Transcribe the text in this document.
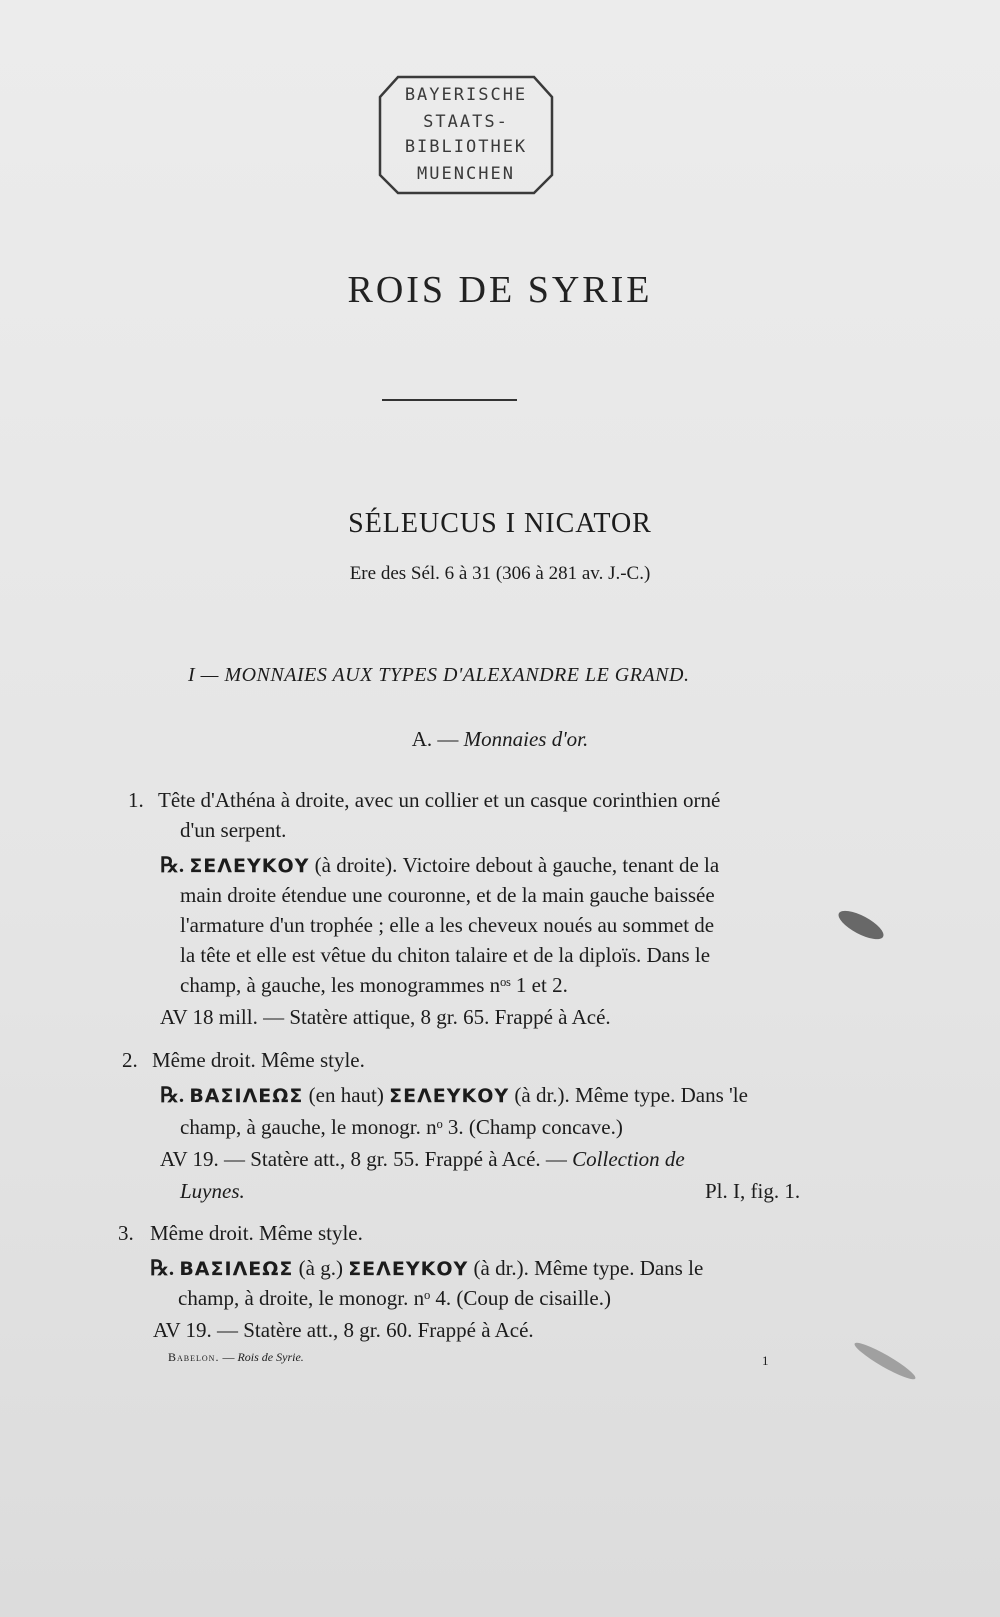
BAYERISCHE
STAATS-
BIBLIOTHEK
MUENCHEN
ROIS DE SYRIE
SÉLEUCUS I NICATOR
Ere des Sél. 6 à 31 (306 à 281 av. J.-C.)
I — MONNAIES AUX TYPES D'ALEXANDRE LE GRAND.
A. — Monnaies d'or.
1. Tête d'Athéna à droite, avec un collier et un casque corinthien orné
d'un serpent.
℞. ΣΕΛΕΥΚΟΥ (à droite). Victoire debout à gauche, tenant de la
main droite étendue une couronne, et de la main gauche baissée
l'armature d'un trophée ; elle a les cheveux noués au sommet de
la tête et elle est vêtue du chiton talaire et de la diploïs. Dans le
champ, à gauche, les monogrammes nᵒˢ 1 et 2.
AV 18 mill. — Statère attique, 8 gr. 65. Frappé à Acé.
2. Même droit. Même style.
℞. ΒΑΣΙΛΕΩΣ (en haut) ΣΕΛΕΥΚΟΥ (à dr.). Même type. Dans 'le
champ, à gauche, le monogr. nᵒ 3. (Champ concave.)
AV 19. — Statère att., 8 gr. 55. Frappé à Acé. — Collection de
Luynes.	Pl. I, fig. 1.
3. Même droit. Même style.
℞. ΒΑΣΙΛΕΩΣ (à g.) ΣΕΛΕΥΚΟΥ (à dr.). Même type. Dans le
champ, à droite, le monogr. nᵒ 4. (Coup de cisaille.)
AV 19. — Statère att., 8 gr. 60. Frappé à Acé.
Babelon. — Rois de Syrie.	1
